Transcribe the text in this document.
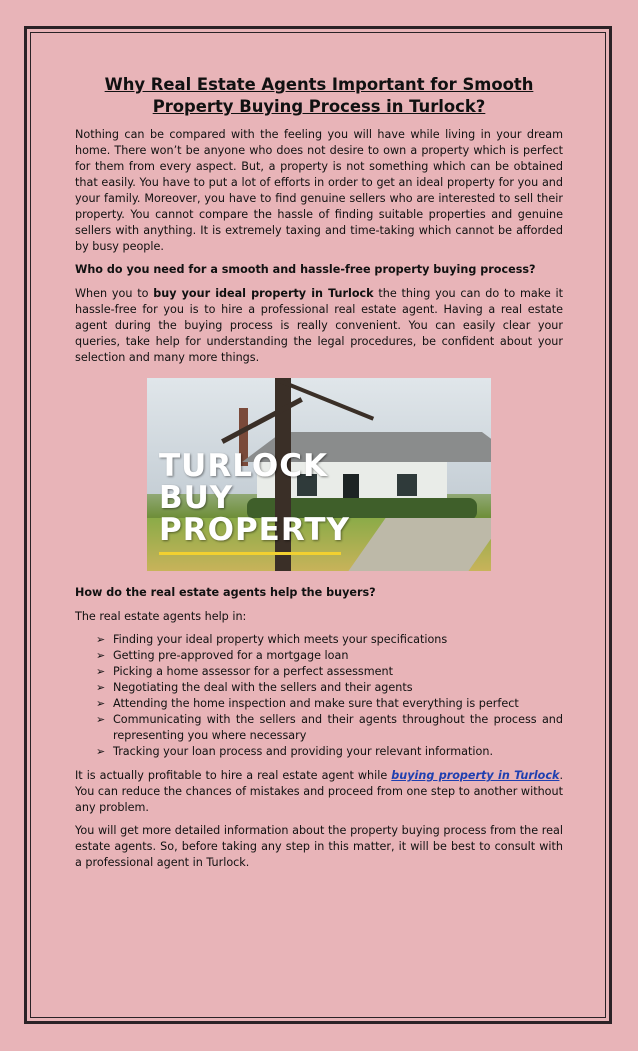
Why Real Estate Agents Important for Smooth Property Buying Process in Turlock?

Nothing can be compared with the feeling you will have while living in your dream home. There won’t be anyone who does not desire to own a property which is perfect for them from every aspect. But, a property is not something which can be obtained that easily. You have to put a lot of efforts in order to get an ideal property for you and your family. Moreover, you have to find genuine sellers who are interested to sell their property. You cannot compare the hassle of finding suitable properties and genuine sellers with anything. It is extremely taxing and time-taking which cannot be afforded by busy people.

Who do you need for a smooth and hassle-free property buying process?

When you to buy your ideal property in Turlock the thing you can do to make it hassle-free for you is to hire a professional real estate agent. Having a real estate agent during the buying process is really convenient. You can easily clear your queries, take help for understanding the legal procedures, be confident about your selection and many more things.

TURLOCK
BUY
PROPERTY

How do the real estate agents help the buyers?

The real estate agents help in:

➢ Finding your ideal property which meets your specifications
➢ Getting pre-approved for a mortgage loan
➢ Picking a home assessor for a perfect assessment
➢ Negotiating the deal with the sellers and their agents
➢ Attending the home inspection and make sure that everything is perfect
➢ Communicating with the sellers and their agents throughout the process and representing you where necessary
➢ Tracking your loan process and providing your relevant information.

It is actually profitable to hire a real estate agent while buying property in Turlock. You can reduce the chances of mistakes and proceed from one step to another without any problem.

You will get more detailed information about the property buying process from the real estate agents. So, before taking any step in this matter, it will be best to consult with a professional agent in Turlock.
